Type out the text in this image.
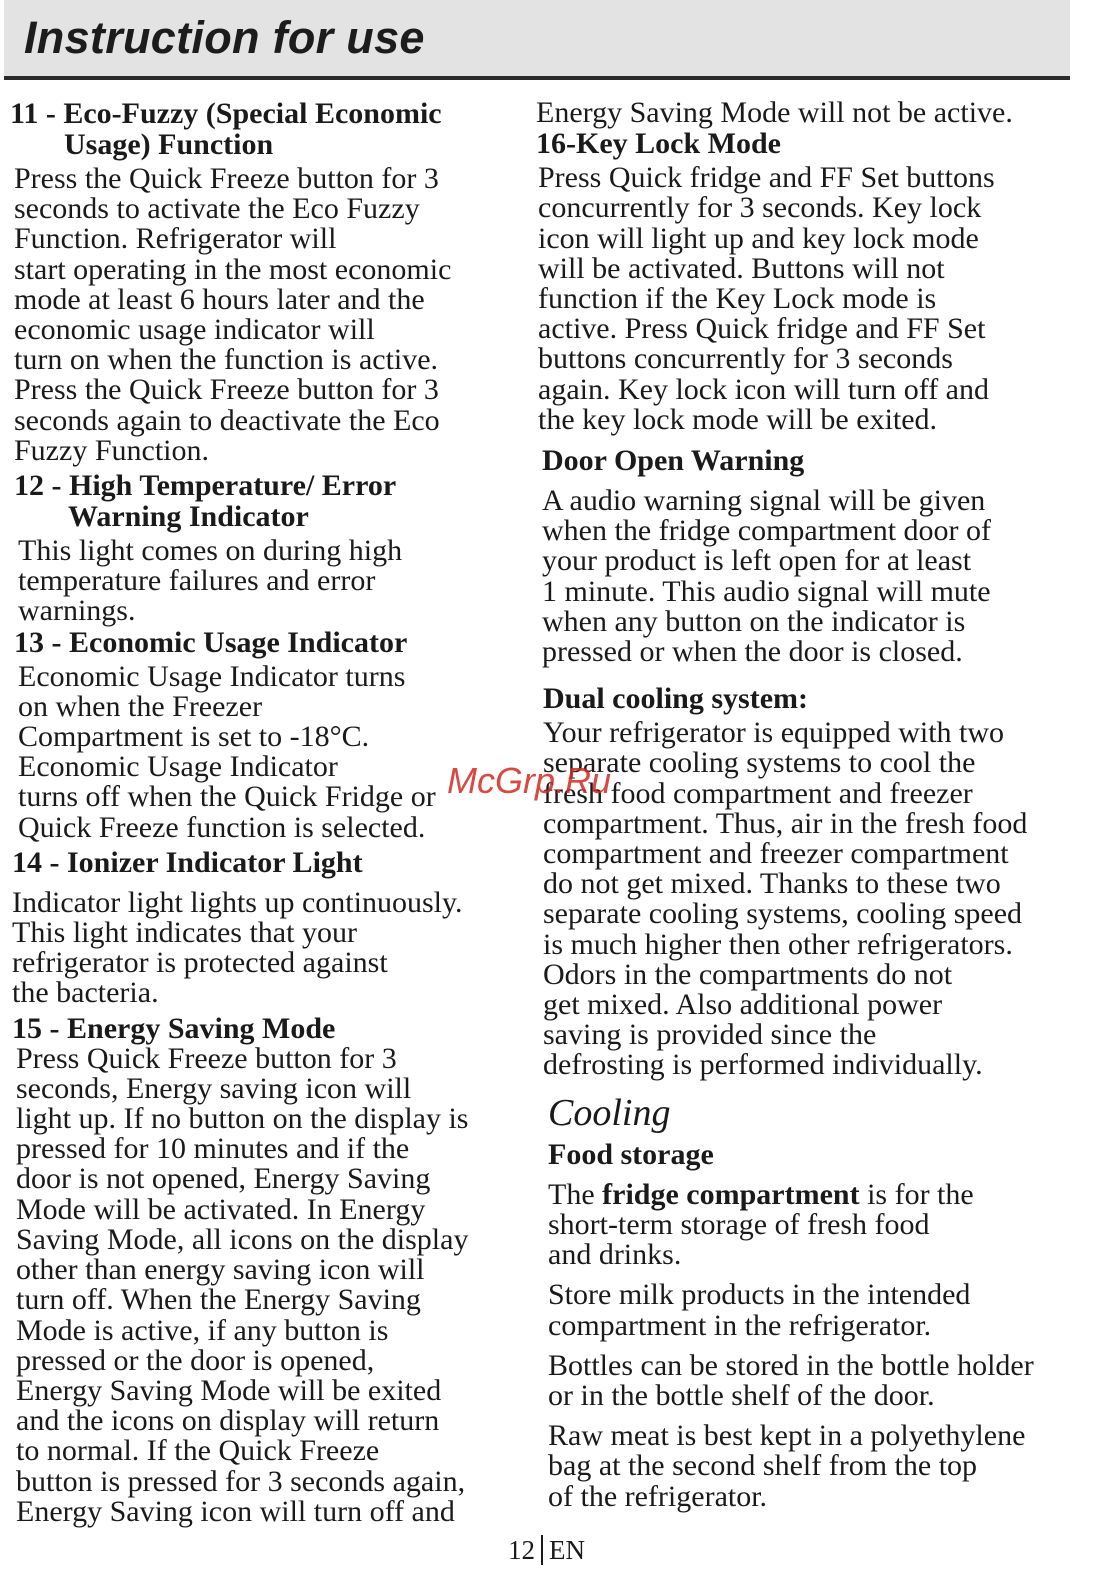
Instruction for use
11 - Eco-Fuzzy (Special Economic
Usage) Function
Press the Quick Freeze button for 3
seconds to activate the Eco Fuzzy
Function. Refrigerator will
start operating in the most economic
mode at least 6 hours later and the
economic usage indicator will
turn on when the function is active.
Press the Quick Freeze button for 3
seconds again to deactivate the Eco
Fuzzy Function.
12 - High Temperature/ Error
Warning Indicator
This light comes on during high
temperature failures and error
warnings.
13 - Economic Usage Indicator
Economic Usage Indicator turns
on when the Freezer
Compartment is set to -18°C.
Economic Usage Indicator
turns off when the Quick Fridge or
Quick Freeze function is selected.
14 - Ionizer Indicator Light
Indicator light lights up continuously.
This light indicates that your
refrigerator is protected against
the bacteria.
15 - Energy Saving Mode
Press Quick Freeze button for 3
seconds, Energy saving icon will
light up. If no button on the display is
pressed for 10 minutes and if the
door is not opened, Energy Saving
Mode will be activated. In Energy
Saving Mode, all icons on the display
other than energy saving icon will
turn off. When the Energy Saving
Mode is active, if any button is
pressed or the door is opened,
Energy Saving Mode will be exited
and the icons on display will return
to normal. If the Quick Freeze
button is pressed for 3 seconds again,
Energy Saving icon will turn off and
Energy Saving Mode will not be active.
16-Key Lock Mode
Press Quick fridge and FF Set buttons
concurrently for 3 seconds. Key lock
icon will light up and key lock mode
will be activated. Buttons will not
function if the Key Lock mode is
active. Press Quick fridge and FF Set
buttons concurrently for 3 seconds
again. Key lock icon will turn off and
the key lock mode will be exited.
Door Open Warning
A audio warning signal will be given
when the fridge compartment door of
your product is left open for at least
1 minute. This audio signal will mute
when any button on the indicator is
pressed or when the door is closed.
Dual cooling system:
Your refrigerator is equipped with two
separate cooling systems to cool the
fresh food compartment and freezer
compartment. Thus, air in the fresh food
compartment and freezer compartment
do not get mixed. Thanks to these two
separate cooling systems, cooling speed
is much higher then other refrigerators.
Odors in the compartments do not
get mixed. Also additional power
saving is provided since the
defrosting is performed individually.
Cooling
Food storage
The fridge compartment is for the
short-term storage of fresh food
and drinks.
Store milk products in the intended
compartment in the refrigerator.
Bottles can be stored in the bottle holder
or in the bottle shelf of the door.
Raw meat is best kept in a polyethylene
bag at the second shelf from the top
of the refrigerator.
McGrp.Ru
12 EN
